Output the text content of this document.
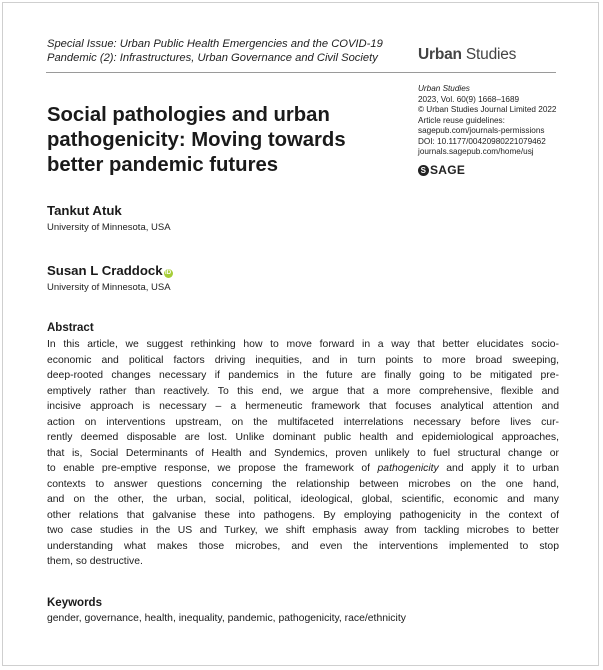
Special Issue: Urban Public Health Emergencies and the COVID-19
Pandemic (2): Infrastructures, Urban Governance and Civil Society	Urban Studies
Urban Studies
2023, Vol. 60(9) 1668–1689
© Urban Studies Journal Limited 2022
Article reuse guidelines:
sagepub.com/journals-permissions
DOI: 10.1177/00420980221079462
journals.sagepub.com/home/usj
S SAGE
Social pathologies and urban
pathogenicity: Moving towards
better pandemic futures
Tankut Atuk
University of Minnesota, USA
Susan L Craddock iD
University of Minnesota, USA
Abstract
In this article, we suggest rethinking how to move forward in a way that better elucidates socio-
economic and political factors driving inequities, and in turn points to more broad sweeping,
deep-rooted changes necessary if pandemics in the future are finally going to be mitigated pre-
emptively rather than reactively. To this end, we argue that a more comprehensive, flexible and
incisive approach is necessary – a hermeneutic framework that focuses analytical attention and
action on interventions upstream, on the multifaceted interrelations necessary before lives cur-
rently deemed disposable are lost. Unlike dominant public health and epidemiological approaches,
that is, Social Determinants of Health and Syndemics, proven unlikely to fuel structural change or
to enable pre-emptive response, we propose the framework of pathogenicity and apply it to urban
contexts to answer questions concerning the relationship between microbes on the one hand,
and on the other, the urban, social, political, ideological, global, scientific, economic and many
other relations that galvanise these into pathogens. By employing pathogenicity in the context of
two case studies in the US and Turkey, we shift emphasis away from tackling microbes to better
understanding what makes those microbes, and even the interventions implemented to stop
them, so destructive.
Keywords
gender, governance, health, inequality, pandemic, pathogenicity, race/ethnicity
